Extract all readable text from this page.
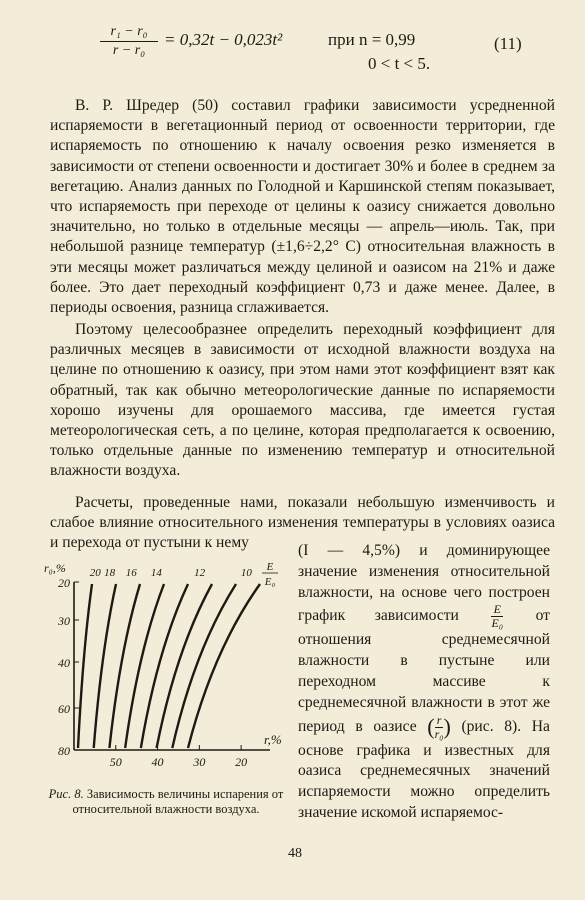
$\frac{\text{r₁ − r₀}}{\text{r − r₀}} = 0,32t - 0,023t^2$	при n = 0,99
0 < t < 5.
(11)

В. Р. Шредер (50) составил графики зависимости усредненной испаряемости в вегетационный период от освоенности территории, где испаряемость по отношению к началу освоения резко изменяется в зависимости от степени освоенности и достигает 30% и более в среднем за вегетацию. Анализ данных по Голодной и Каршинской степям показывает, что испаряемость при переходе от целины к оазису снижается довольно значительно, но только в отдельные месяцы — апрель—июль. Так, при небольшой разнице температур (±1,6÷2,2° С) относительная влажность в эти месяцы может различаться между целиной и оазисом на 21% и даже более. Это дает переходный коэффициент 0,73 и даже менее. Далее, в периоды освоения, разница сглаживается.

Поэтому целесообразнее определить переходный коэффициент для различных месяцев в зависимости от исходной влажности воздуха на целине по отношению к оазису, при этом нами этот коэффициент взят как обратный, так как обычно метеорологические данные по испаряемости хорошо изучены для орошаемого массива, где имеется густая метеорологическая сеть, а по целине, которая предполагается к освоению, только отдельные данные по изменению температур и относительной влажности воздуха.

Расчеты, проведенные нами, показали небольшую изменчивость и слабое влияние относительного изменения температуры в условиях оазиса и перехода от пустыни к нему

20
30
40
60
80
50 40 30 20
r₀,%
r,%
20 18 16 14	12	10 E
E₀

(I — 4,5%) и доминирующее значение изменения относительной влажности, на основе чего построен график зависимости	$\frac{E}{\text{E₀}}$ от отношения среднемесячной влажности в пустыне или переходном массиве к среднемесячной влажности в этот же период в оазисе ( $\frac{r}{\text{r₀}}$ ) (рис. 8). На основе графика и известных для оазиса среднемесячных значений испаряемости можно определить значение искомой испаряемос-

Рис. 8. Зависимость величины испарения от относительной влажности воздуха.

48
